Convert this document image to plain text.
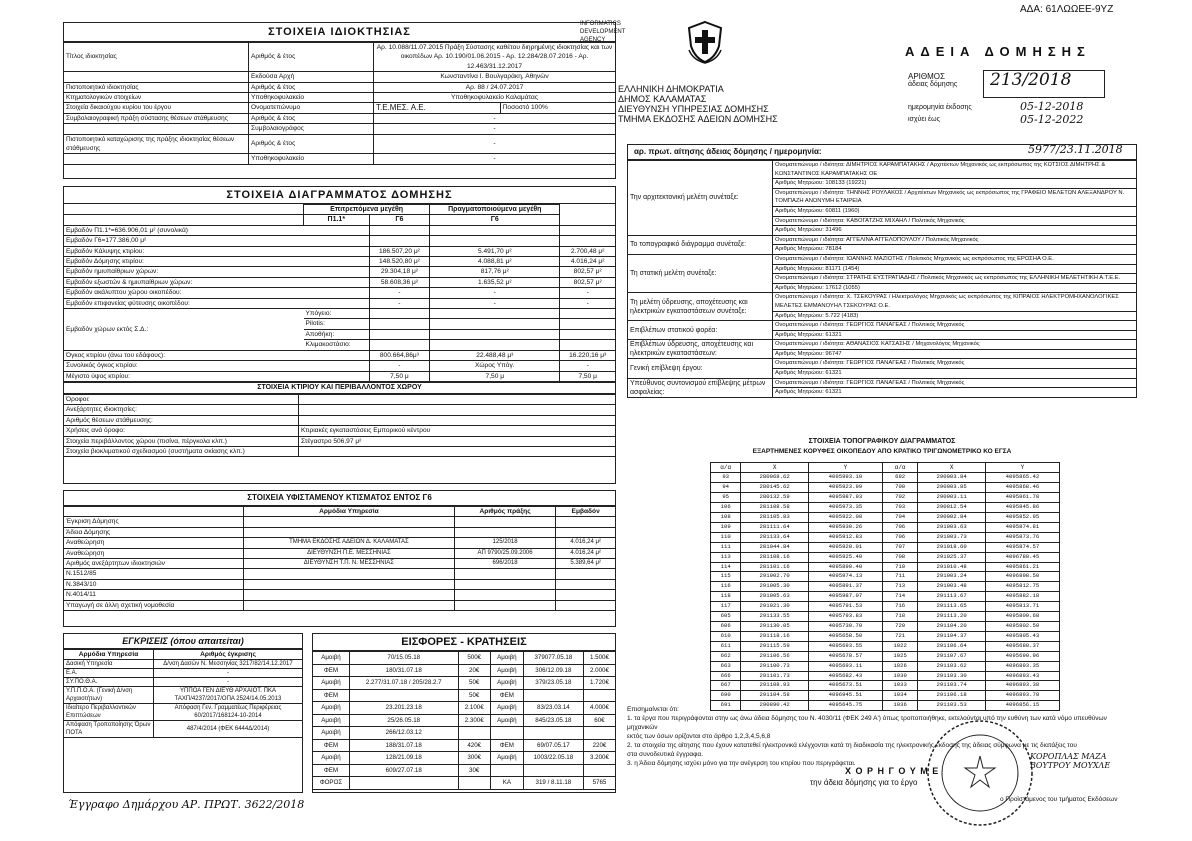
ΑΔΑ: 61ΛΩΩΕΕ-9ΥΖ
INFORMATICS
DEVELOPMENT
AGENCY
ΕΛΛΗΝΙΚΗ ΔΗΜΟΚΡΑΤΙΑ
ΔΗΜΟΣ ΚΑΛΑΜΑΤΑΣ
ΔΙΕΥΘΥΝΣΗ ΥΠΗΡΕΣΙΑΣ ΔΟΜΗΣΗΣ
ΤΜΗΜΑ ΕΚΔΟΣΗΣ ΑΔΕΙΩΝ ΔΟΜΗΣΗΣ
ΑΔΕΙΑ ΔΟΜΗΣΗΣ
ΑΡΙΘΜΟΣ
άδειας δόμησης 213/2018
ημερομηνία έκδοσης	05-12-2018
ισχύει έως	05-12-2022
ΣΤΟΙΧΕΙΑ ΙΔΙΟΚΤΗΣΙΑΣ
Τίτλος ιδιοκτησίας	Αριθμός & έτος	Αρ. 10.088/11.07.2015 Πράξη Σύστασης καθέτου διηρημένης ιδιοκτησίας και των οικοπέδων Αρ. 10.190/01.06.2015 - Αρ. 12.284/28.07.2016 - Αρ. 12.463/31.12.2017	
	Εκδούσα Αρχή	Κωνσταντίνα Ι. Βουλγαράκη, Αθηνών	
Πιστοποιητικό ιδιοκτησίας	Αριθμός & έτος	Αρ. 88 / 24.07.2017	
Κτηματολογικών στοιχείων	Υποθηκοφυλακείο	Υποθηκοφυλακείο Καλαμάτας	
Στοιχεία δικαιούχου κυρίου του έργου	Ονοματεπώνυμο	Τ.Ε.ΜΕΣ. Α.Ε.	Ποσοστό 100%
Συμβολαιογραφική πράξη σύστασης θέσεων στάθμευσης	Αριθμός & έτος	-	
	Συμβολαιογράφος	-	
Πιστοποιητικό καταχώρισης της πράξης ιδιοκτησίας θέσεων στάθμευσης	Αριθμός & έτος	-	
	Υποθηκοφυλακείο	-	
ΣΤΟΙΧΕΙΑ ΔΙΑΓΡΑΜΜΑΤΟΣ ΔΟΜΗΣΗΣ
	Επιτρεπόμενα μεγέθη		Πραγματοποιούμενα μεγέθη	
	Π1.1*	Γ6	Γ6	
Εμβαδόν Π1.1*=636.906,01 μ² (συνολικά)				
Εμβαδόν Γ6=177.386,00 μ²				
Εμβαδόν Κάλυψης κτιρίου:		186.507,20 μ²	5.491,70 μ²	2.700,48 μ²
Εμβαδόν Δόμησης κτιρίου:		148.520,80 μ²	4.088,81 μ²	4.016,24 μ²
Εμβαδόν ημιυπαίθριων χώρων:		29.304,18 μ²	817,76 μ²	802,57 μ²
Εμβαδόν εξωστών & ημιυπαίθριων χώρων:		58.608,36 μ²	1.635,52 μ²	802,57 μ²
Εμβαδόν ακάλυπτου χώρου οικοπέδου:		-	-	-
Εμβαδόν επιφανείας φύτευσης οικοπέδου:		-	-	-
Εμβαδόν χώρων εκτός Σ.Δ.:	Υπόγειο:			
	Pilotis:			
	Αποθήκη:			
	Κλιμακοστάσιο:			
Όγκος κτιρίου (άνω του εδάφους):		800.664,86μ³	22.488,48 μ³	16.220,16 μ³
Συνολικός όγκος κτιρίου:		-	Χώρος Υπόγ.	-
Μέγιστο ύψος κτιρίου:		7,50 μ	7,50 μ	7,50 μ
ΣΤΟΙΧΕΙΑ ΚΤΙΡΙΟΥ ΚΑΙ ΠΕΡΙΒΑΛΛΟΝΤΟΣ ΧΩΡΟΥ
Όροφοι:	
Ανεξάρτητες ιδιοκτησίες:	
Αριθμός θέσεων στάθμευσης:	
Χρήσεις ανά όροφο:	Κτιριακές εγκαταστάσεις Εμπορικού κέντρου
Στοιχεία περιβάλλοντος χώρου (πισίνα, πέργκολα κλπ.)	Στέγαστρο 506,97 μ²
Στοιχεία βιοκλιματικού σχεδιασμού (συστήματα σκίασης κλπ.)	
ΣΤΟΙΧΕΙΑ ΥΦΙΣΤΑΜΕΝΟΥ ΚΤΙΣΜΑΤΟΣ ΕΝΤΟΣ Γ6
	Αρμόδια Υπηρεσία	Αριθμός πράξης	Εμβαδόν
Έγκριση Δόμησης			
Άδεια Δόμησης			
Αναθεώρηση	ΤΜΗΜΑ ΕΚΔΟΣΗΣ ΑΔΕΙΩΝ Δ. ΚΑΛΑΜΑΤΑΣ	125/2018	4.016,24 μ²
Αναθεώρηση	ΔΙΕΥΘΥΝΣΗ Π.Ε. ΜΕΣΣΗΝΙΑΣ	ΑΠ 9790/25.09.2006	4.016,24 μ²
Αριθμός ανεξάρτητων ιδιοκτησιών	ΔΙΕΥΘΥΝΣΗ Τ.Π. Ν. ΜΕΣΣΗΝΙΑΣ	696/2018	5.389,64 μ²
Ν.1512/85			
Ν.3843/10			
Ν.4014/11			
Υπαγωγή σε άλλη σχετική νομοθεσία			
ΕΓΚΡΙΣΕΙΣ (όπου απαιτείται)
Αρμόδια Υπηρεσία	Αριθμός έγκρισης
Δασική Υπηρεσία	Δ/νση Δασών Ν. Μεσσηνίας 3217/82/14.12.2017
Ε.Α.	-
ΣΥ.ΠΟ.Θ.Α.	-
Υ.Π.Π.Ο.Α. (Γενική Δ/νση Αρχαιοτήτων)	ΥΠΠΟΑ ΓΕΝ ΔΙΕΥΘ ΑΡΧΑΙΟΤ. ΠΚΑ ΤΑΧΠ/4237/2017/ΟΠΑ 2524/14.05.2013
Ιδιαίτερο Περιβαλλοντικών Επιπτώσεων	Απόφαση Γεν. Γραμματέως Περιφέρειας 60/2017/168124-10-2014
Απόφαση Τροποποίησης Όρων ΠΟΤΑ	487/4/2014 (ΦΕΚ 6444Δ/2014)
ΕΙΣΦΟΡΕΣ - ΚΡΑΤΗΣΕΙΣ
Αμοιβή	70/15.05.18	500€	Αμοιβή	379077.05.18	1.500€
ΦΕΜ	180/31.07.18	20€	Αμοιβή	306/12.09.18	2.000€
Αμοιβή	2.277/31.07.18 / 205/28.2.7	50€	Αμοιβή	379/23.05.18	1.720€
ΦΕΜ		50€	ΦΕΜ		
Αμοιβή	23.201.23.18	2.100€	Αμοιβή	83/23.03.14	4.000€
Αμοιβή	25/26.05.18	2.300€	Αμοιβή	845/23.05.18	60€
Αμοιβή	266/12.03.12				
ΦΕΜ	188/31.07.18	420€	ΦΕΜ	69/07.05.17	220€
Αμοιβή	128/21.09.18	300€	Αμοιβή	1003/22.05.18	3.200€
ΦΕΜ	609/27.07.18	30€			
ΦΟΡΟΣ			ΚΑ	319 / 8.11.18	5765
Έγγραφο Δημάρχου ΑΡ. ΠΡΩΤ. 3622/2018
αρ. πρωτ. αίτησης άδειας δόμησης / ημερομηνία:	5977/23.11.2018
Την αρχιτεκτονική μελέτη συνέταξε:	Ονοματεπώνυμο / ιδιότητα: ΔΙΜΗΤΡΙΟΣ ΚΑΡΑΜΠΑΤΑΚΗΣ / Αρχιτέκτων Μηχανικός ως εκπρόσωπος της ΚΩΤΣΙΟΣ ΔΙΜΗΤΡΗΣ & ΚΩΝΣΤΑΝΤΙΝΟΣ ΚΑΡΑΜΠΑΤΑΚΗΣ ΟΕ
	Αριθμός Μητρώου: 108133 (19221)
	Ονοματεπώνυμο / ιδιότητα: ΤΗΝΝΗΣ ΡΟΥΛΑΚΟΣ / Αρχιτέκτων Μηχανικός ως εκπρόσωπος της ΓΡΑΦΕΙΟ ΜΕΛΕΤΩΝ ΑΛΕΞΑΝΔΡΟΥ Ν. ΤΟΜΠΑΖΗ ΑΝΩΝΥΜΗ ΕΤΑΙΡΕΙΑ
	Αριθμός Μητρώου: 60811 (1960)
	Ονοματεπώνυμο / ιδιότητα: ΚΑΒΟΓΑΤΖΗΣ ΜΙΧΑΗΛ / Πολιτικός Μηχανικός
	Αριθμός Μητρώου: 31496
Το τοπογραφικό διάγραμμα συνέταξε:	Ονοματεπώνυμο / ιδιότητα: ΑΓΓΕΛΙΝΑ ΑΓΓΕΛΟΠΟΥΛΟΥ / Πολιτικός Μηχανικός
	Αριθμός Μητρώου: 78184
Τη στατική μελέτη συνέταξε:	Ονοματεπώνυμο / ιδιότητα: ΙΩΑΝΝΗΣ ΜΑΖΙΩΤΗΣ / Πολιτικός Μηχανικός ως εκπρόσωπος της ΕΡΩΣΗΑ Ο.Ε.
	Αριθμός Μητρώου: 81171 (1454)
	Ονοματεπώνυμο / ιδιότητα: ΣΤΡΑΤΗΣ ΕΥΣΤΡΑΤΙΑΔΗΣ / Πολιτικός Μηχανικός ως εκπρόσωπος της ΕΛΛΗΝΙΚΗ ΜΕΛΕΤΗΤΙΚΗ Α.Τ.Ε.Ε.
	Αριθμός Μητρώου: 17612 (1055)
Τη μελέτη ύδρευσης, αποχέτευσης και ηλεκτρικών εγκαταστάσεων συνέταξε:	Ονοματεπώνυμο / ιδιότητα: Χ. ΤΣΕΚΟΥΡΑΣ / Ηλεκτρολόγος Μηχανικός ως εκπρόσωπος της ΚΙΠΡΑΙΟΣ ΗΛΕΚΤΡΟΜΗΧΑΝΟΛΟΓΙΚΕΣ ΜΕΛΕΤΕΣ ΕΜΜΑΝΟΥΗΛ ΤΣΕΚΟΥΡΑΣ Ο.Ε.
	Αριθμός Μητρώου: 5.722 (4183)
Επιβλέπων στατικού φορέα:	Ονοματεπώνυμο / ιδιότητα: ΓΕΩΡΓΙΟΣ ΠΑΝΑΓΕΑΣ / Πολιτικός Μηχανικός
	Αριθμός Μητρώου: 61321
Επιβλέπων ύδρευσης, αποχέτευσης και ηλεκτρικών εγκαταστάσεων:	Ονοματεπώνυμο / ιδιότητα: ΑΘΑΝΑΣΙΟΣ ΚΑΤΣΑΣΗΣ / Μηχανολόγος Μηχανικός
	Αριθμός Μητρώου: 96747
Γενική επίβλεψη έργου:	Ονοματεπώνυμο / ιδιότητα: ΓΕΩΡΓΙΟΣ ΠΑΝΑΓΕΑΣ / Πολιτικός Μηχανικός
	Αριθμός Μητρώου: 61321
Υπεύθυνος συντονισμού επίβλεψης μέτρων ασφαλείας:	Ονοματεπώνυμο / ιδιότητα: ΓΕΩΡΓΙΟΣ ΠΑΝΑΓΕΑΣ / Πολιτικός Μηχανικός
	Αριθμός Μητρώου: 61321
ΣΤΟΙΧΕΙΑ ΤΟΠΟΓΡΑΦΙΚΟΥ ΔΙΑΓΡΑΜΜΑΤΟΣ
ΕΞΑΡΤΗΜΕΝΕΣ ΚΟΡΥΦΕΣ ΟΙΚΟΠΕΔΟΥ ΑΠΟ ΚΡΑΤΙΚΟ ΤΡΙΓΩΝΟΜΕΤΡΙΚΟ ΚΟ ΕΓΣΑ
α/α	Χ	Υ	α/α	Χ	Υ
93	280068.62	4095993.10	692	290003.84	4095865.42
94	280145.62	4095923.99	700	290003.85	4095868.46
95	280132.59	4095987.93	702	290003.11	4095861.78
106	281108.58	4095973.35	703	290012.54	4095845.86
108	281105.83	4095922.08	704	290002.84	4095852.95
109	281111.64	4095930.26	706	291003.63	4095874.81
110	281133.64	4095912.83	706	291003.73	4095873.76
111	281044.84	4095928.01	707	291018.60	4095874.57
113	281108.16	4095925.40	708	291025.37	4096780.45
114	281101.16	4095890.40	710	291010.48	4095861.21
115	291002.70	4095974.13	711	291003.24	4096898.50
116	291005.30	4095891.37	713	291003.48	4095812.75
118	291005.63	4095987.07	714	291113.67	4095882.18
117	291021.30	4095791.53	716	291113.65	4095813.71
605	291133.55	4095793.83	718	291113.20	4095809.68
606	291130.05	4095730.70	720	291104.20	4095802.50
610	291118.16	4095658.50	721	291104.37	4095805.43
611	291115.59	4095693.55	1022	291106.64	4095680.37
662	291106.56	4095678.57	1025	291107.67	4095690.96
663	291100.73	4095693.11	1026	291103.62	4096893.35
666	291101.73	4095682.43	1030	291103.30	4096893.43
667	291108.93	4095673.51	1033	291103.74	4096893.38
690	291104.58	4096945.51	1034	291106.18	4096893.78
691	290890.42	4095645.75	1036	291103.53	4096856.15
Επισημαίνεται ότι:
1. τα έργα που περιγράφονται στην ως άνω άδεια δόμησης του Ν. 4030/11 (ΦΕΚ 249 Α') όπως τροποποιήθηκε, εκτελούνται υπό την ευθύνη των κατά νόμο υπευθύνων μηχανικών
εκτός των όσων ορίζονται στο άρθρο 1,2,3,4,5,6,8
2. τα στοιχεία της αίτησης που έχουν κατατεθεί ηλεκτρονικά ελέγχονται κατά τη διαδικασία της ηλεκτρονικής έκδοσης της άδειας σύμφωνα με τις διατάξεις του
στα συνοδευτικά έγγραφα.
3. η Άδεια δόμησης ισχύει μόνο για την ανέγερση του κτιρίου που περιγράφεται.
Χ Ο Ρ Η Γ Ο Υ Μ Ε
την άδεια δόμησης για το έργο
ΚΟΡΟΠΛΑΣ ΜΑΖΑ ΒΟΥΤΡΟΥ ΜΟΥΧΛΕ
ο Προϊστάμενος του τμήματος Εκδόσεων
